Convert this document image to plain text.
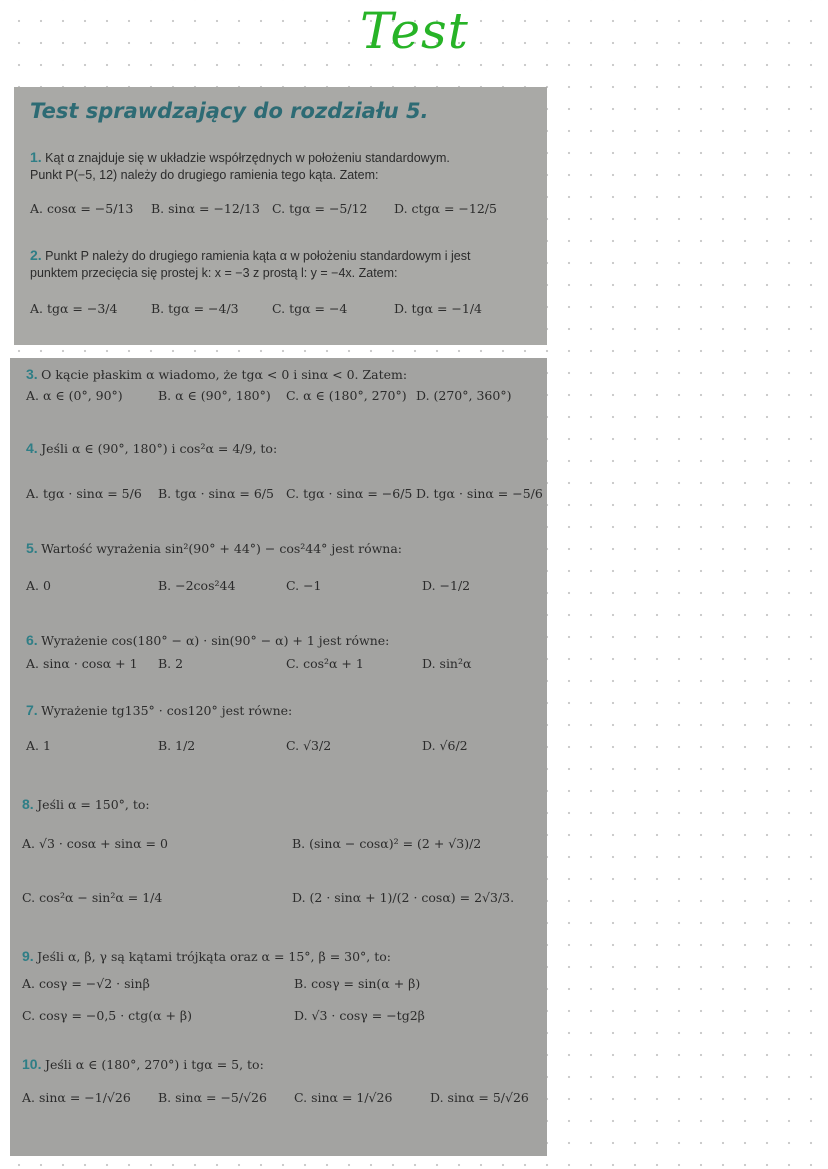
Test
Test sprawdzający do rozdziału 5.
1. Kąt α znajduje się w układzie współrzędnych w położeniu standardowym.
Punkt P(−5, 12) należy do drugiego ramienia tego kąta. Zatem:
A. cosα = −5/13 B. sinα = −12/13 C. tgα = −5/12 D. ctgα = −12/5
2. Punkt P należy do drugiego ramienia kąta α w położeniu standardowym i jest
punktem przecięcia się prostej k: x = −3 z prostą l: y = −4x. Zatem:
A. tgα = −3/4	B. tgα = −4/3	C. tgα = −4	D. tgα = −1/4
3. O kącie płaskim α wiadomo, że tgα < 0 i sinα < 0. Zatem:
A. α ∈ (0°, 90°)	B. α ∈ (90°, 180°) C. α ∈ (180°, 270°) D. (270°, 360°)
4. Jeśli α ∈ (90°, 180°) i cos²α = 4/9, to:
A. tgα · sinα = 5/6 B. tgα · sinα = 6/5 C. tgα · sinα = −6/5 D. tgα · sinα = −5/6
5. Wartość wyrażenia sin²(90° + 44°) − cos²44° jest równa:
A. 0	B. −2cos²44	C. −1	D. −1/2
6. Wyrażenie cos(180° − α) · sin(90° − α) + 1 jest równe:
A. sinα · cosα + 1 B. 2	C. cos²α + 1	D. sin²α
7. Wyrażenie tg135° · cos120° jest równe:
A. 1	B. 1/2	C. √3/2	D. √6/2
8. Jeśli α = 150°, to:
A. √3 · cosα + sinα = 0	B. (sinα − cosα)² = (2 + √3)/2
C. cos²α − sin²α = 1/4	D. (2 · sinα + 1)/(2 · cosα) = 2√3/3.
9. Jeśli α, β, γ są kątami trójkąta oraz α = 15°, β = 30°, to:
A. cosγ = −√2 · sinβ	B. cosγ = sin(α + β)
C. cosγ = −0,5 · ctg(α + β)	D. √3 · cosγ = −tg2β
10. Jeśli α ∈ (180°, 270°) i tgα = 5, to:
A. sinα = −1/√26 B. sinα = −5/√26 C. sinα = 1/√26	D. sinα = 5/√26
